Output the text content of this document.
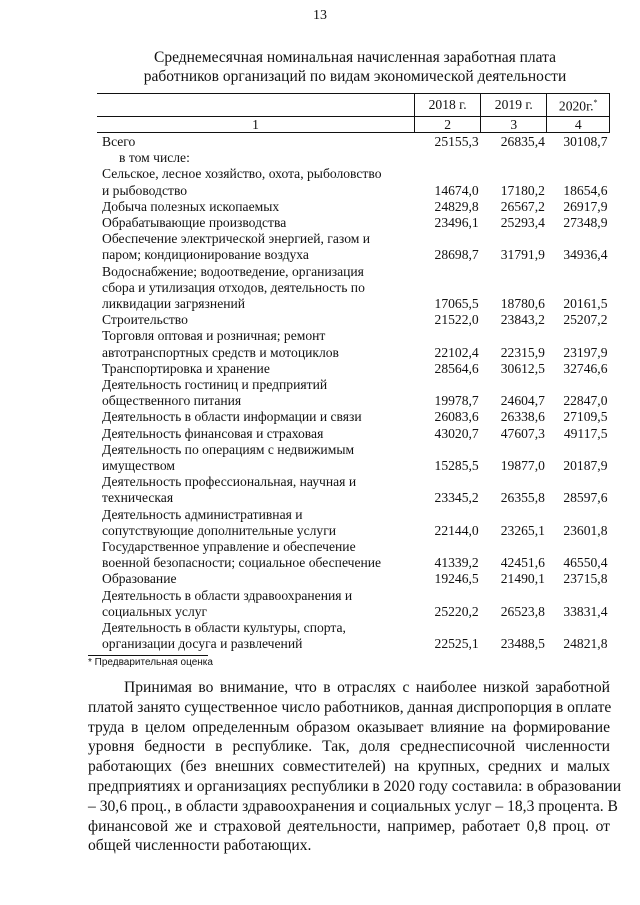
13
Среднемесячная номинальная начисленная заработная плата
работников организаций по видам экономической деятельности
	2018 г.	2019 г.	2020г.*
1	2	3	4
Всего	25155,3	26835,4	30108,7
в том числе:			
Сельское, лесное хозяйство, охота, рыболовство			
и рыбоводство	14674,0	17180,2	18654,6
Добыча полезных ископаемых	24829,8	26567,2	26917,9
Обрабатывающие производства	23496,1	25293,4	27348,9
Обеспечение электрической энергией, газом и			
паром; кондиционирование воздуха	28698,7	31791,9	34936,4
Водоснабжение; водоотведение, организация			
сбора и утилизация отходов, деятельность по			
ликвидации загрязнений	17065,5	18780,6	20161,5
Строительство	21522,0	23843,2	25207,2
Торговля оптовая и розничная; ремонт			
автотранспортных средств и мотоциклов	22102,4	22315,9	23197,9
Транспортировка и хранение	28564,6	30612,5	32746,6
Деятельность гостиниц и предприятий			
общественного питания	19978,7	24604,7	22847,0
Деятельность в области информации и связи	26083,6	26338,6	27109,5
Деятельность финансовая и страховая	43020,7	47607,3	49117,5
Деятельность по операциям с недвижимым			
имуществом	15285,5	19877,0	20187,9
Деятельность профессиональная, научная и			
техническая	23345,2	26355,8	28597,6
Деятельность административная и			
сопутствующие дополнительные услуги	22144,0	23265,1	23601,8
Государственное управление и обеспечение			
военной безопасности; социальное обеспечение	41339,2	42451,6	46550,4
Образование	19246,5	21490,1	23715,8
Деятельность в области здравоохранения и			
социальных услуг	25220,2	26523,8	33831,4
Деятельность в области культуры, спорта,			
организации досуга и развлечений	22525,1	23488,5	24821,8
* Предварительная оценка
Принимая во внимание, что в отраслях с наиболее низкой заработной
платой занято существенное число работников, данная диспропорция в оплате
труда в целом определенным образом оказывает влияние на формирование
уровня бедности в республике. Так, доля среднесписочной численности
работающих (без внешних совместителей) на крупных, средних и малых
предприятиях и организациях республики в 2020 году составила: в образовании
– 30,6 проц., в области здравоохранения и социальных услуг – 18,3 процента. В
финансовой же и страховой деятельности, например, работает 0,8 проц. от
общей численности работающих.
